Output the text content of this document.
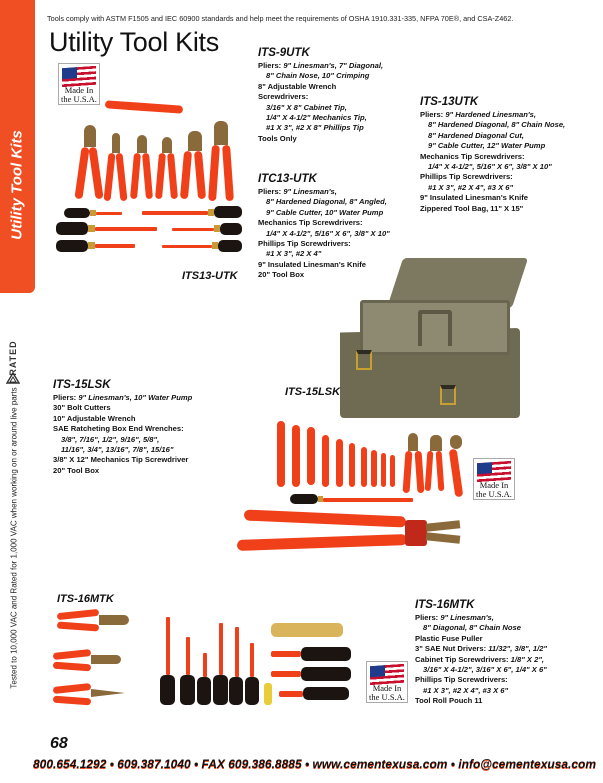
Utility Tool Kits
RATED
Tested to 10,000 VAC and Rated for 1,000 VAC when working on or around live parts
Tools comply with ASTM F1505 and IEC 60900 standards and help meet the requirements of OSHA 1910.331-335, NFPA 70E®, and CSA-Z462.
Utility Tool Kits
Made In
the U.S.A.
ITS13-UTK
ITS-9UTK
Pliers: 9" Linesman's, 7" Diagonal,
8" Chain Nose, 10" Crimping
8" Adjustable Wrench
Screwdrivers:
3/16" X 8" Cabinet Tip,
1/4" X 4-1/2" Mechanics Tip,
#1 X 3", #2 X 8" Phillips Tip
Tools Only
ITS-13UTK
Pliers: 9" Hardened Linesman's,
8" Hardened Diagonal, 8" Chain Nose,
8" Hardened Diagonal Cut,
9" Cable Cutter, 12" Water Pump
Mechanics Tip Screwdrivers:
1/4" X 4-1/2", 5/16" X 6", 3/8" X 10"
Phillips Tip Screwdrivers:
#1 X 3", #2 X 4", #3 X 6"
9" Insulated Linesman's Knife
Zippered Tool Bag, 11" X 15"
ITC13-UTK
Pliers: 9" Linesman's,
8" Hardened Diagonal, 8" Angled,
9" Cable Cutter, 10" Water Pump
Mechanics Tip Screwdrivers:
1/4" X 4-1/2", 5/16" X 6", 3/8" X 10"
Phillips Tip Screwdrivers:
#1 X 3", #2 X 4"
9" Insulated Linesman's Knife
20" Tool Box
ITS-15LSK
Pliers: 9" Linesman's, 10" Water Pump
30" Bolt Cutters
10" Adjustable Wrench
SAE Ratcheting Box End Wrenches:
3/8", 7/16", 1/2", 9/16", 5/8",
11/16", 3/4", 13/16", 7/8", 15/16"
3/8" X 12" Mechanics Tip Screwdriver
20" Tool Box
ITS-15LSK
Made In
the U.S.A.
ITS-16MTK
Made In
the U.S.A.
ITS-16MTK
Pliers: 9" Linesman's,
8" Diagonal, 8" Chain Nose
Plastic Fuse Puller
3" SAE Nut Drivers: 11/32", 3/8", 1/2"
Cabinet Tip Screwdrivers: 1/8" X 2",
3/16" X 4-1/2", 3/16" X 6", 1/4" X 6"
Phillips Tip Screwdrivers:
#1 X 3", #2 X 4", #3 X 6"
Tool Roll Pouch 11
68
800.654.1292 • 609.387.1040 • FAX 609.386.8885 • www.cementexusa.com • info@cementexusa.com
